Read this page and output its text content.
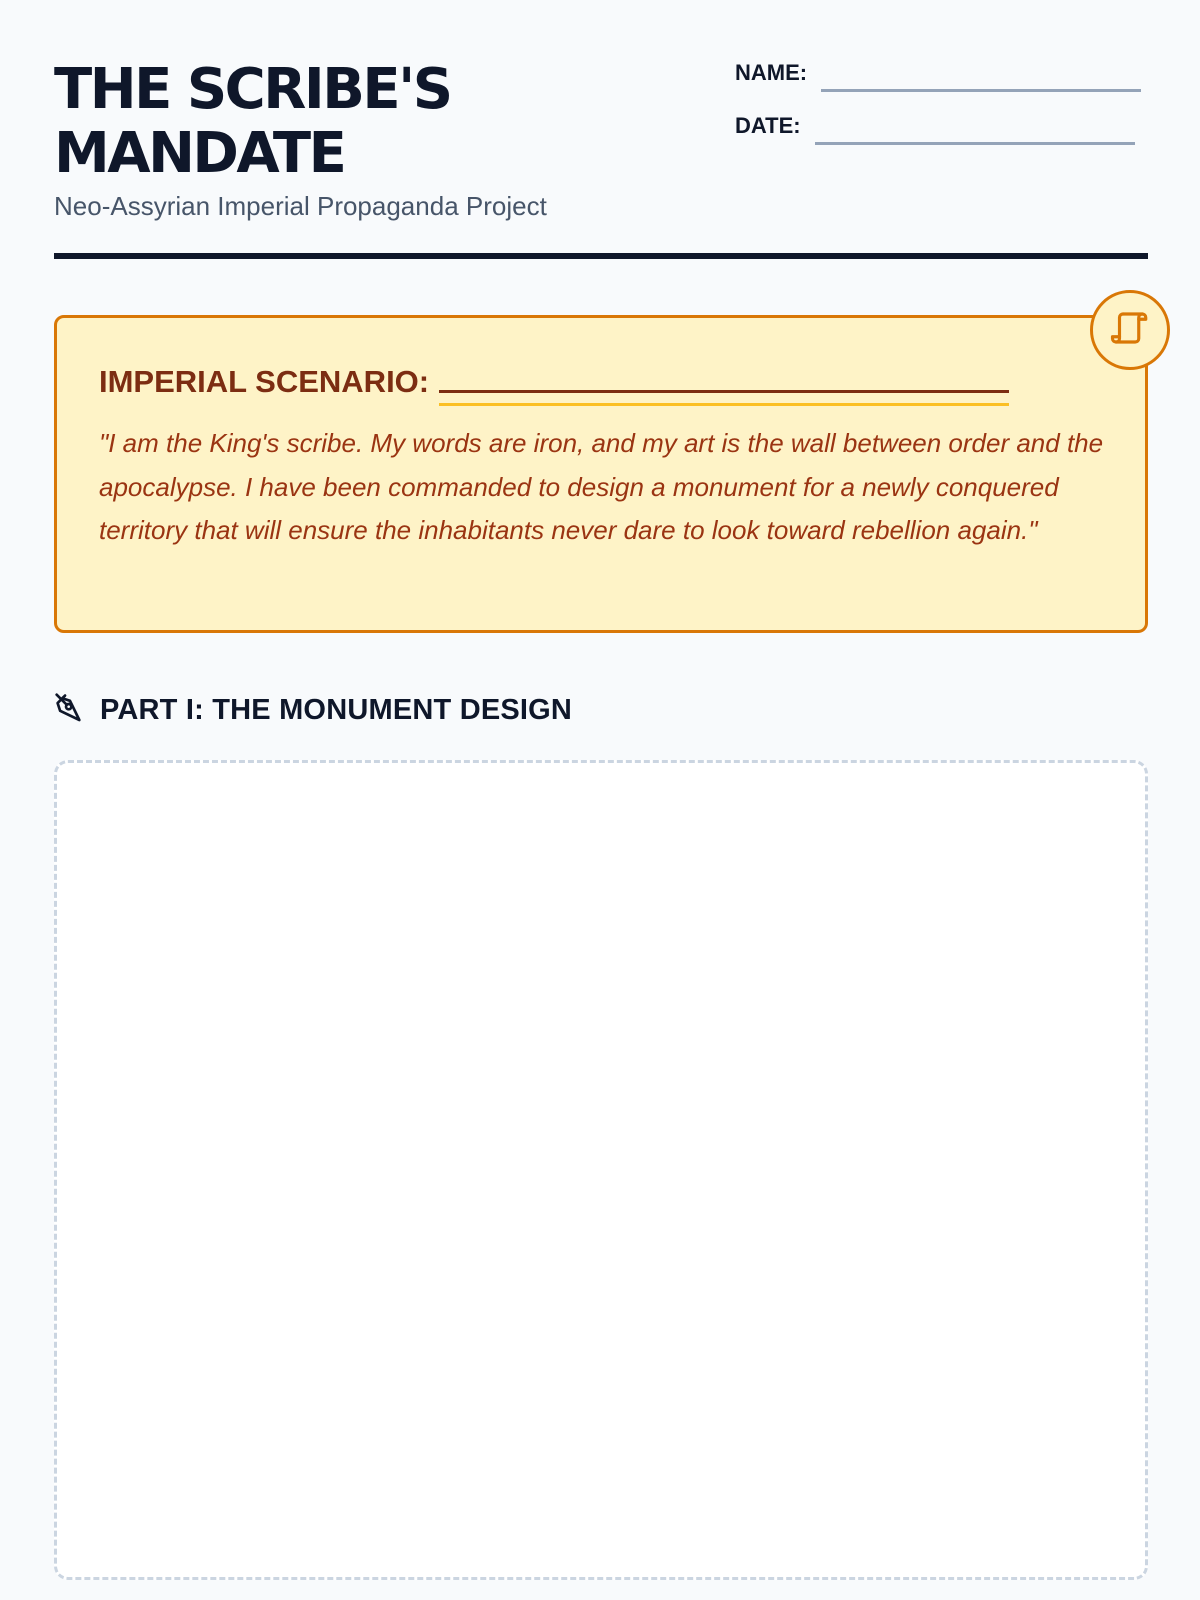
THE SCRIBE'S
MANDATE
Neo-Assyrian Imperial Propaganda Project
NAME:
DATE:
IMPERIAL SCENARIO:

"I am the King's scribe. My words are iron, and my art is the wall between order and the apocalypse. I have been commanded to design a monument for a newly conquered territory that will ensure the inhabitants never dare to look toward rebellion again."

PART I: THE MONUMENT DESIGN
